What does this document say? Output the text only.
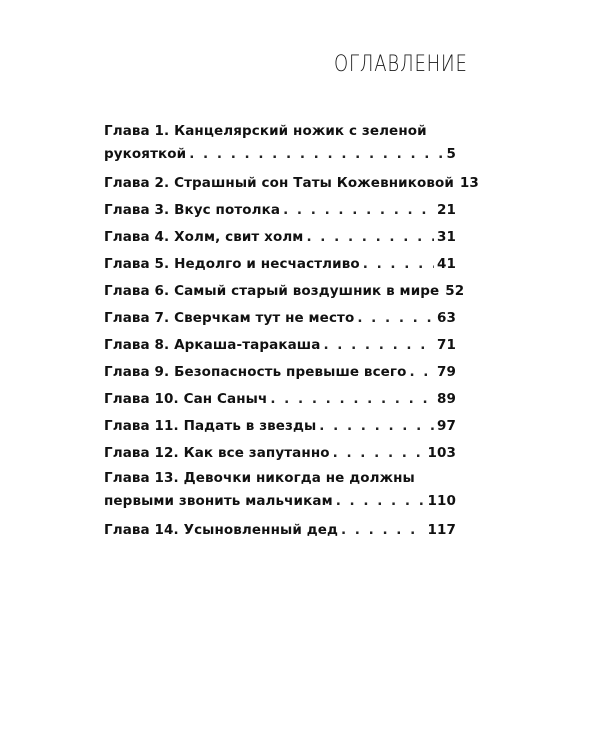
ОГЛАВЛЕНИЕ
Глава 1. Канцелярский ножик с зеленой
рукояткой . . .	5
Глава 2. Страшный сон Таты Кожевниковой 13
Глава 3. Вкус потолка . . .	21
Глава 4. Холм, свит холм . . .	31
Глава 5. Недолго и несчастливо . . .	41
Глава 6. Самый старый воздушник в мире 52
Глава 7. Сверчкам тут не место . . .	63
Глава 8. Аркаша-таракаша . . .	71
Глава 9. Безопасность превыше всего . . . 79
Глава 10. Сан Саныч . . .	89
Глава 11. Падать в звезды . . .	97
Глава 12. Как все запутанно . . .	103
Глава 13. Девочки никогда не должны
первыми звонить мальчикам . . .	110
Глава 14. Усыновленный дед . . .	117
